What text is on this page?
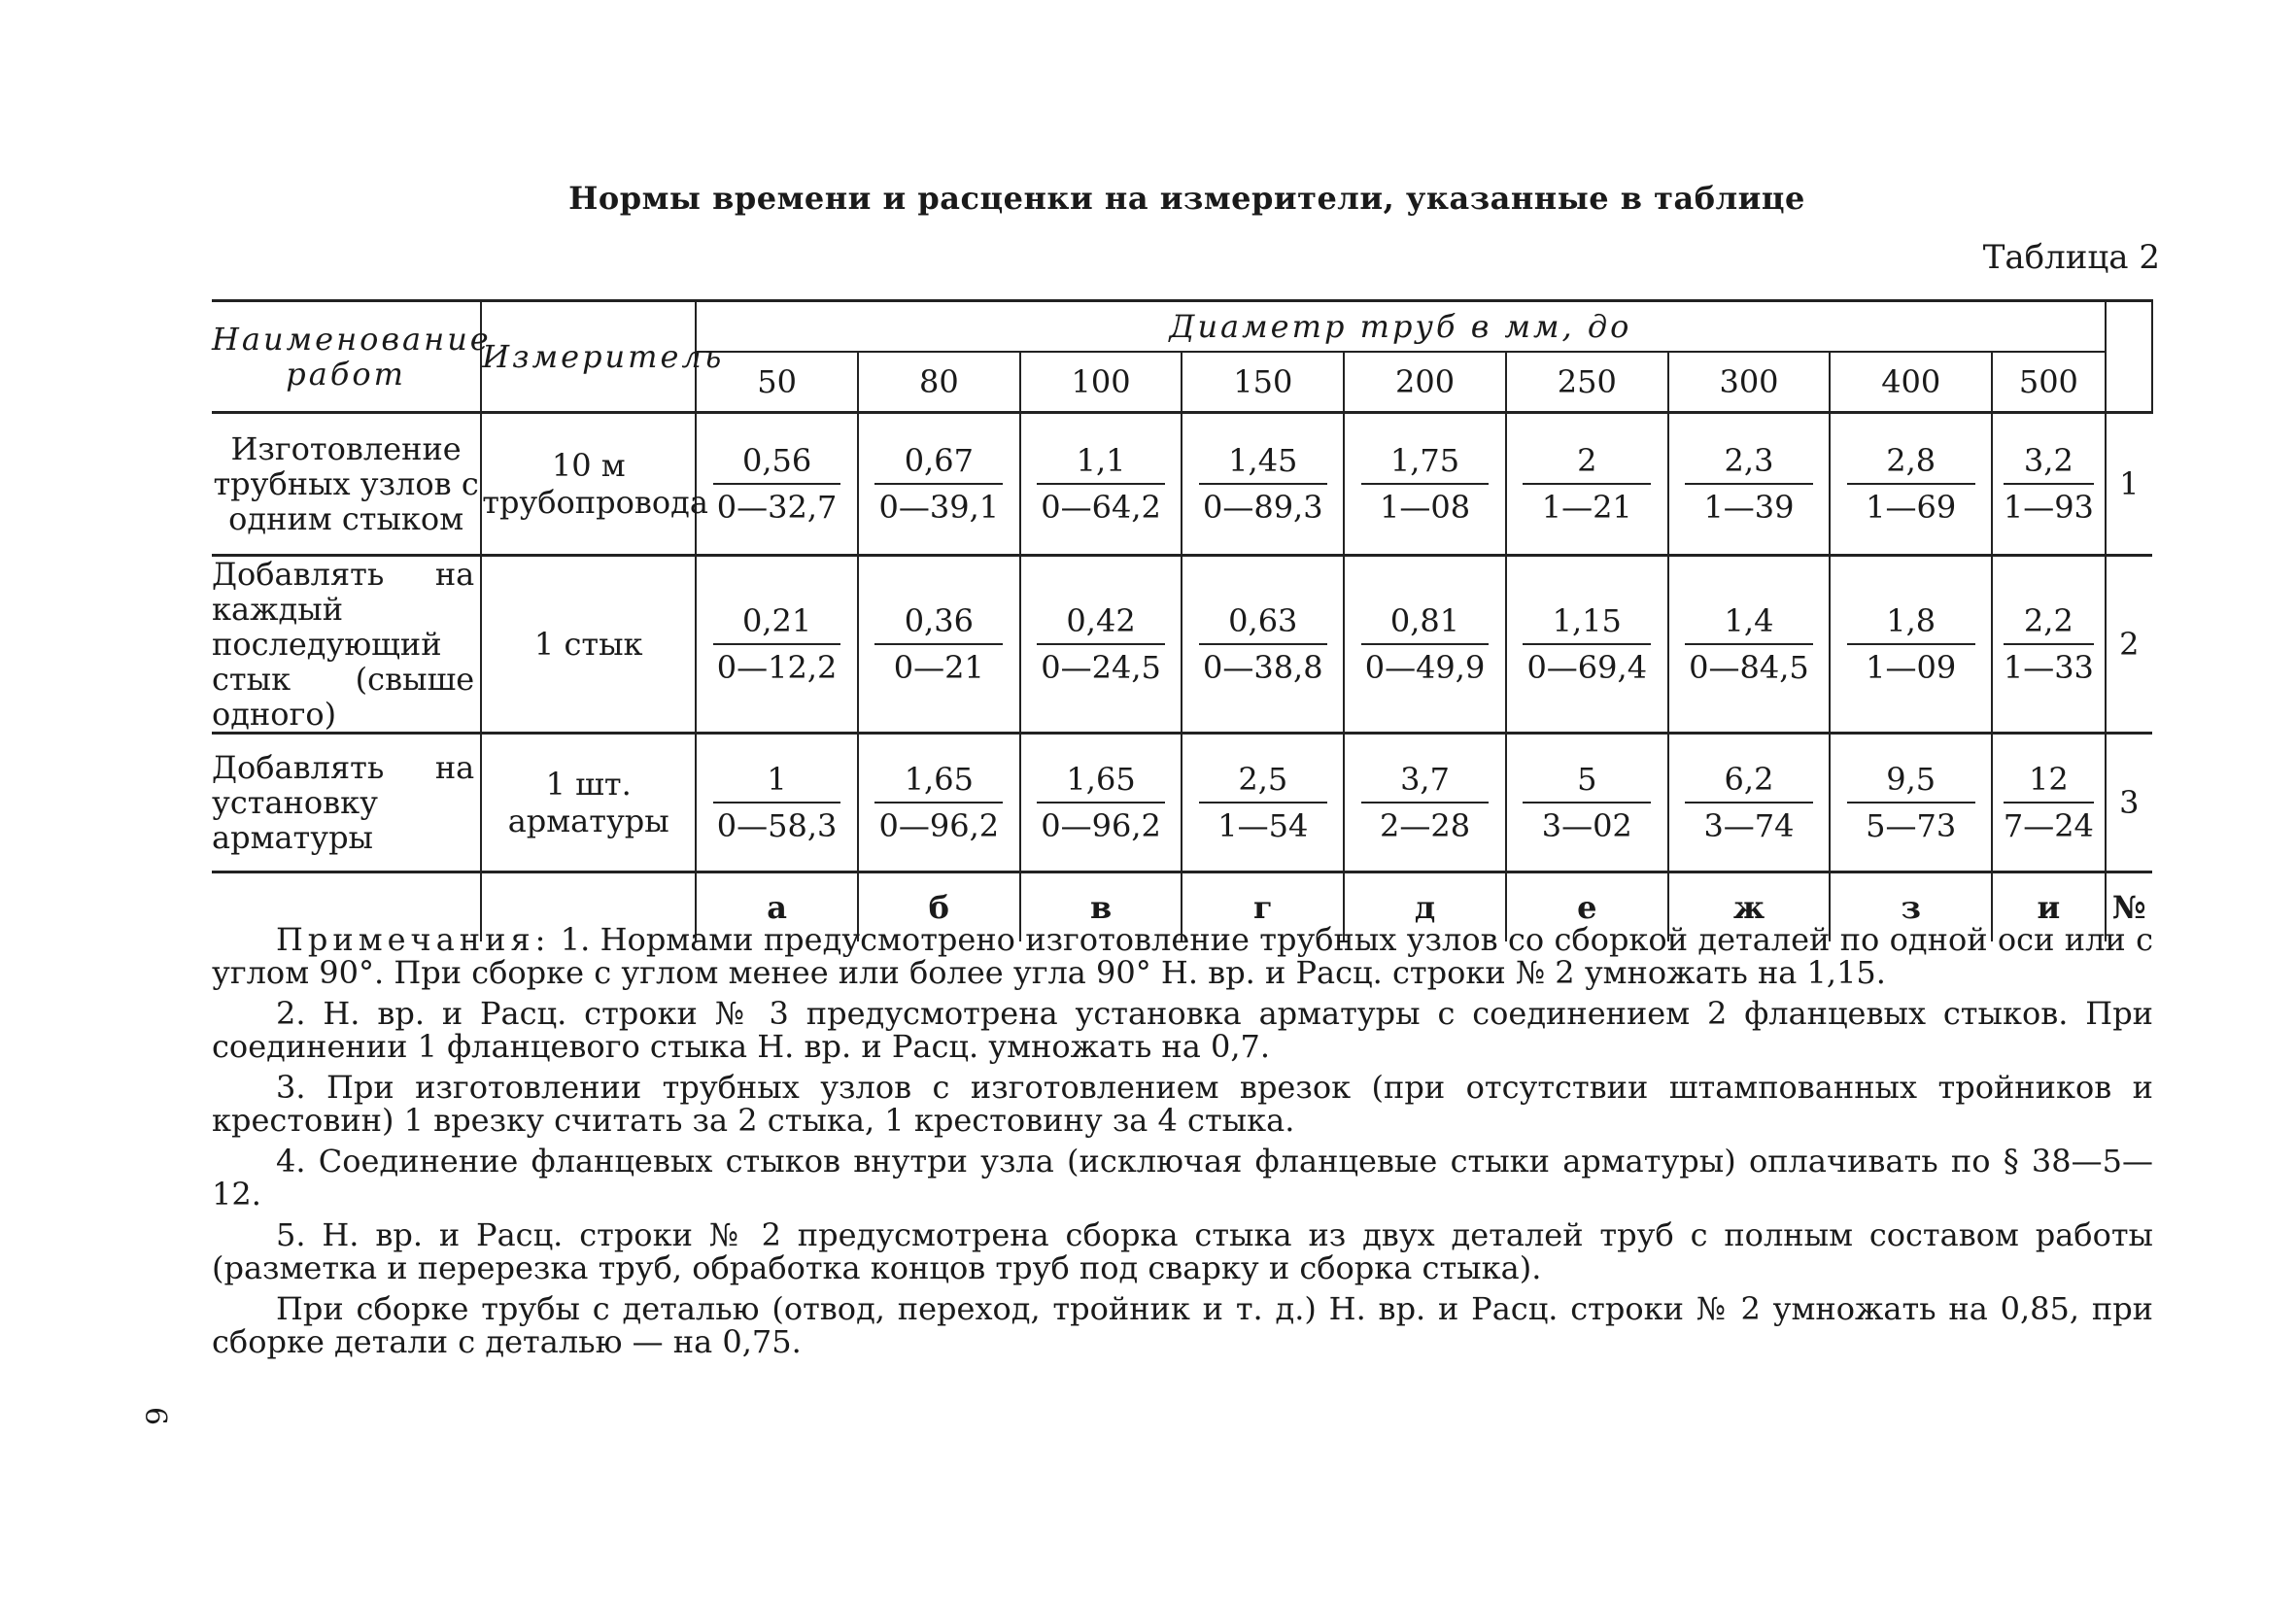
Нормы времени и расценки на измерители, указанные в таблице
Таблица 2
Наименование работ	Измеритель	Диаметр труб в мм, до									
		50	80	100	150	200	250	300	400	500	
Изготовление трубных узлов с одним стыком	10 м трубопровода	$\frac{0,56}{0—32,7}$	$\frac{0,67}{0—39,1}$	$\frac{1,1}{0—64,2}$	$\frac{1,45}{0—89,3}$	$\frac{1,75}{1—08}$	$\frac{2}{1—21}$	$\frac{2,3}{1—39}$	$\frac{2,8}{1—69}$	$\frac{3,2}{1—93}$	1
Добавлять на каждый последующий стык (свыше одного)	1 стык	$\frac{0,21}{0—12,2}$	$\frac{0,36}{0—21}$	$\frac{0,42}{0—24,5}$	$\frac{0,63}{0—38,8}$	$\frac{0,81}{0—49,9}$	$\frac{1,15}{0—69,4}$	$\frac{1,4}{0—84,5}$	$\frac{1,8}{1—09}$	$\frac{2,2}{1—33}$	2
Добавлять на установку арматуры	1 шт. арматуры	$\frac{1}{0—58,3}$	$\frac{1,65}{0—96,2}$	$\frac{1,65}{0—96,2}$	$\frac{2,5}{1—54}$	$\frac{3,7}{2—28}$	$\frac{5}{3—02}$	$\frac{6,2}{3—74}$	$\frac{9,5}{5—73}$	$\frac{12}{7—24}$	3
		а	б	в	г	д	е	ж	з	и	№

Примечания: 1. Нормами предусмотрено изготовление трубных узлов со сборкой деталей по одной оси или с углом 90°. При сборке с углом менее или более угла 90° Н. вр. и Расц. строки № 2 умножать на 1,15.

2. Н. вр. и Расц. строки № 3 предусмотрена установка арматуры с соединением 2 фланцевых стыков. При соединении 1 фланцевого стыка Н. вр. и Расц. умножать на 0,7.

3. При изготовлении трубных узлов с изготовлением врезок (при отсутствии штампованных тройников и крестовин) 1 врезку считать за 2 стыка, 1 крестовину за 4 стыка.

4. Соединение фланцевых стыков внутри узла (исключая фланцевые стыки арматуры) оплачивать по § 38—5—12.

5. Н. вр. и Расц. строки № 2 предусмотрена сборка стыка из двух деталей труб с полным составом работы (разметка и перерезка труб, обработка концов труб под сварку и сборка стыка).

При сборке трубы с деталью (отвод, переход, тройник и т. д.) Н. вр. и Расц. строки № 2 умножать на 0,85, при сборке детали с деталью — на 0,75.

6
